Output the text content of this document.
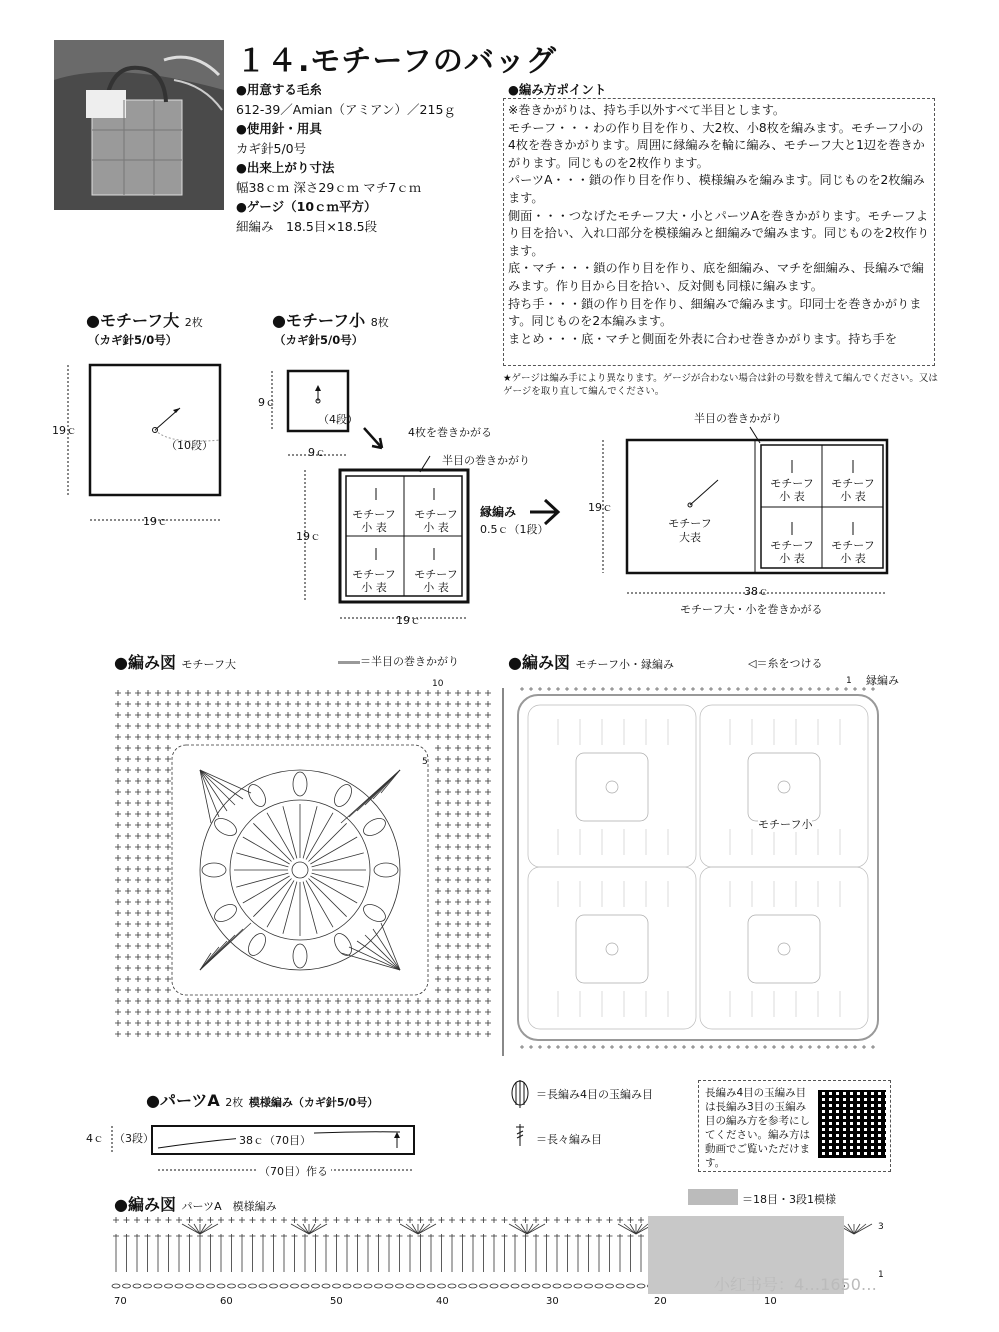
１４.モチーフのバッグ
●用意する毛糸
612-39／Amian（アミアン）／215ｇ
●使用針・用具
カギ針5/0号
●出来上がり寸法
幅38ｃｍ 深さ29ｃｍ マチ7ｃｍ
●ゲージ（10ｃｍ平方）
細編み　18.5目×18.5段
●編み方ポイント
※巻きかがりは、持ち手以外すべて半目とします。
モチーフ・・・わの作り目を作り、大2枚、小8枚を編みます。モチーフ小の4枚を巻きかがります。周囲に縁編みを輪に編み、モチーフ大と1辺を巻きかがります。同じものを2枚作ります。
パーツA・・・鎖の作り目を作り、模様編みを編みます。同じものを2枚編みます。
側面・・・つなげたモチーフ大・小とパーツAを巻きかがります。モチーフより目を拾い、入れ口部分を模様編みと細編みで編みます。同じものを2枚作ります。
底・マチ・・・鎖の作り目を作り、底を細編み、マチを細編み、長編みで編みます。作り目から目を拾い、反対側も同様に編みます。
持ち手・・・鎖の作り目を作り、細編みで編みます。印同士を巻きかがります。同じものを2本編みます。
まとめ・・・底・マチと側面を外表に合わせ巻きかがります。持ち手を
★ゲージは編み手により異なります。ゲージが合わない場合は針の号数を替えて編んでください。又はゲージを取り直して編んでください。
●モチーフ大 2枚
（カギ針5/0号）
19ｃ
19ｃ
（10段）
●モチーフ小 8枚
（カギ針5/0号）
9ｃ
9ｃ
（4段）
4枚を巻きかがる
半目の巻きかがり
モチーフ
小 表
モチーフ
小 表
モチーフ
小 表
モチーフ
小 表
縁編み
0.5ｃ（1段）
19ｃ
19ｃ
半目の巻きかがり
モチーフ
大表
モチーフ
小 表
モチーフ
小 表
モチーフ
小 表
モチーフ
小 表
19ｃ
38ｃ
モチーフ大・小を巻きかがる
●編み図 モチーフ大	＝半目の巻きかがり
10
5
●編み図 モチーフ小・縁編み	◁＝糸をつける
縁編み
1
モチーフ小
●パーツA 2枚 模様編み（カギ針5/0号）
4ｃ （3段）	38ｃ（70目）
（70目）作る
＝長編み4目の玉編み目
＝長々編み目
長編み4目の玉編み目は長編み3目の玉編み目の編み方を参考にしてください。編み方は動画でご覧いただけます。
●編み図 パーツA　模様編み
＝18目・3段1模様
70	60	50	40	30	20	10
3
1
小红书号：4…1650…
